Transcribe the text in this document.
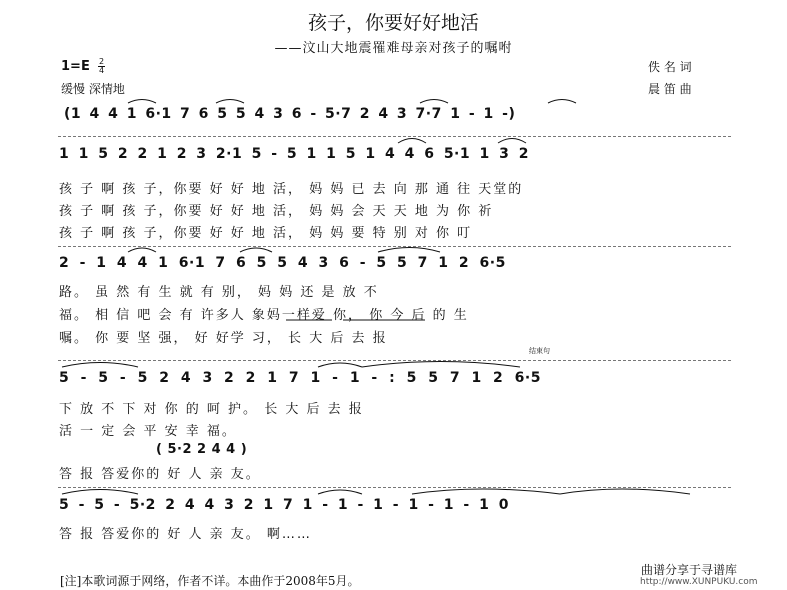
孩子，你要好好地活
——汶山大地震罹难母亲对孩子的嘱咐
1=E 2
4
缓慢 深情地
佚 名 词
晨 笛 曲
(1 4 4 1 6·1 7 6 5 5 4 3 6 - 5·7 2 4 3 7·7 1 - 1 -)
1 1 5 2 2 1 2 3 2·1 5 - 5 1 1 5 1 4 4 6 5·1 1 3 2
孩 子 啊 孩 子，你要 好 好 地 活， 妈 妈 已 去 向 那 通 往 天堂的
孩 子 啊 孩 子，你要 好 好 地 活， 妈 妈 会 天 天 地 为 你 祈
孩 子 啊 孩 子，你要 好 好 地 活， 妈 妈 要 特 别 对 你 叮
2 - 1 4 4 1 6·1 7 6 5 5 4 3 6 - 5 5 7 1 2 6·5
路。 虽 然 有 生 就 有 别， 妈 妈 还 是 放 不
福。 相 信 吧 会 有 许多人 象妈一样爱 你， 你 今 后 的 生
嘱。 你 要 坚 强， 好 好学 习， 长 大 后 去 报
结束句
5 - 5 - 5 2 4 3 2 2 1 7 1 - 1 - : 5 5 7 1 2 6·5
下 放 不 下 对 你 的 呵 护。 长 大 后 去 报
活 一 定 会 平 安 幸 福。
( 5·2 2 4 4 )
答 报 答爱你的 好 人 亲 友。
5 - 5 - 5·2 2 4 4 3 2 1 7 1 - 1 - 1 - 1 - 1 - 1 0
答 报 答爱你的 好 人 亲 友。 啊……
[注]本歌词源于网络，作者不详。本曲作于2008年5月。
曲谱分享于寻谱库
http://www.XUNPUKU.com
